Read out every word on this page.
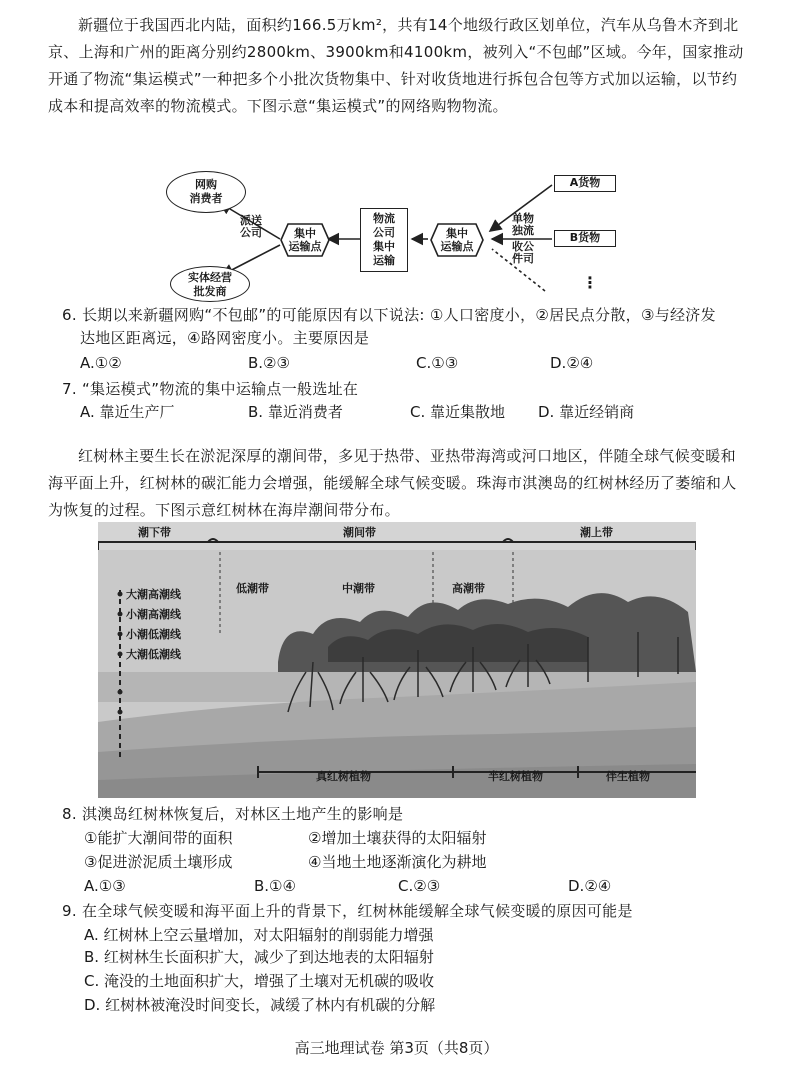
新疆位于我国西北内陆，面积约166.5万km²，共有14个地级行政区划单位，汽车从乌鲁木齐到北京、上海和广州的距离分别约2800km、3900km和4100km，被列入“不包邮”区域。今年，国家推动开通了物流“集运模式”一种把多个小批次货物集中、针对收货地进行拆包合包等方式加以运输，以节约成本和提高效率的物流模式。下图示意“集运模式”的网络购物物流。
网购
消费者
实体经营
批发商
派送公司	集中
运输点
物流
公司
集中
运输
集中
运输点
单物独流
收公件司
A货物
B货物
⋮
6. 长期以来新疆网购“不包邮”的可能原因有以下说法: ①人口密度小，②居民点分散，③与经济发
达地区距离远，④路网密度小。主要原因是
A.①②	B.②③	C.①③	D.②④
7. “集运模式”物流的集中运输点一般选址在
A. 靠近生产厂	B. 靠近消费者	C. 靠近集散地 D. 靠近经销商
红树林主要生长在淤泥深厚的潮间带，多见于热带、亚热带海湾或河口地区，伴随全球气候变暖和海平面上升，红树林的碳汇能力会增强，能缓解全球气候变暖。珠海市淇澳岛的红树林经历了萎缩和人为恢复的过程。下图示意红树林在海岸潮间带分布。
潮下带	潮间带	潮上带
低潮带	中潮带	高潮带
大潮高潮线
小潮高潮线
小潮低潮线
大潮低潮线
真红树植物	半红树植物	伴生植物
8. 淇澳岛红树林恢复后，对林区土地产生的影响是
①能扩大潮间带的面积	②增加土壤获得的太阳辐射
③促进淤泥质土壤形成	④当地土地逐渐演化为耕地
A.①③	B.①④	C.②③	D.②④
9. 在全球气候变暖和海平面上升的背景下，红树林能缓解全球气候变暖的原因可能是
A. 红树林上空云量增加，对太阳辐射的削弱能力增强
B. 红树林生长面积扩大，减少了到达地表的太阳辐射
C. 淹没的土地面积扩大，增强了土壤对无机碳的吸收
D. 红树林被淹没时间变长，减缓了林内有机碳的分解
高三地理试卷 第3页（共8页）
